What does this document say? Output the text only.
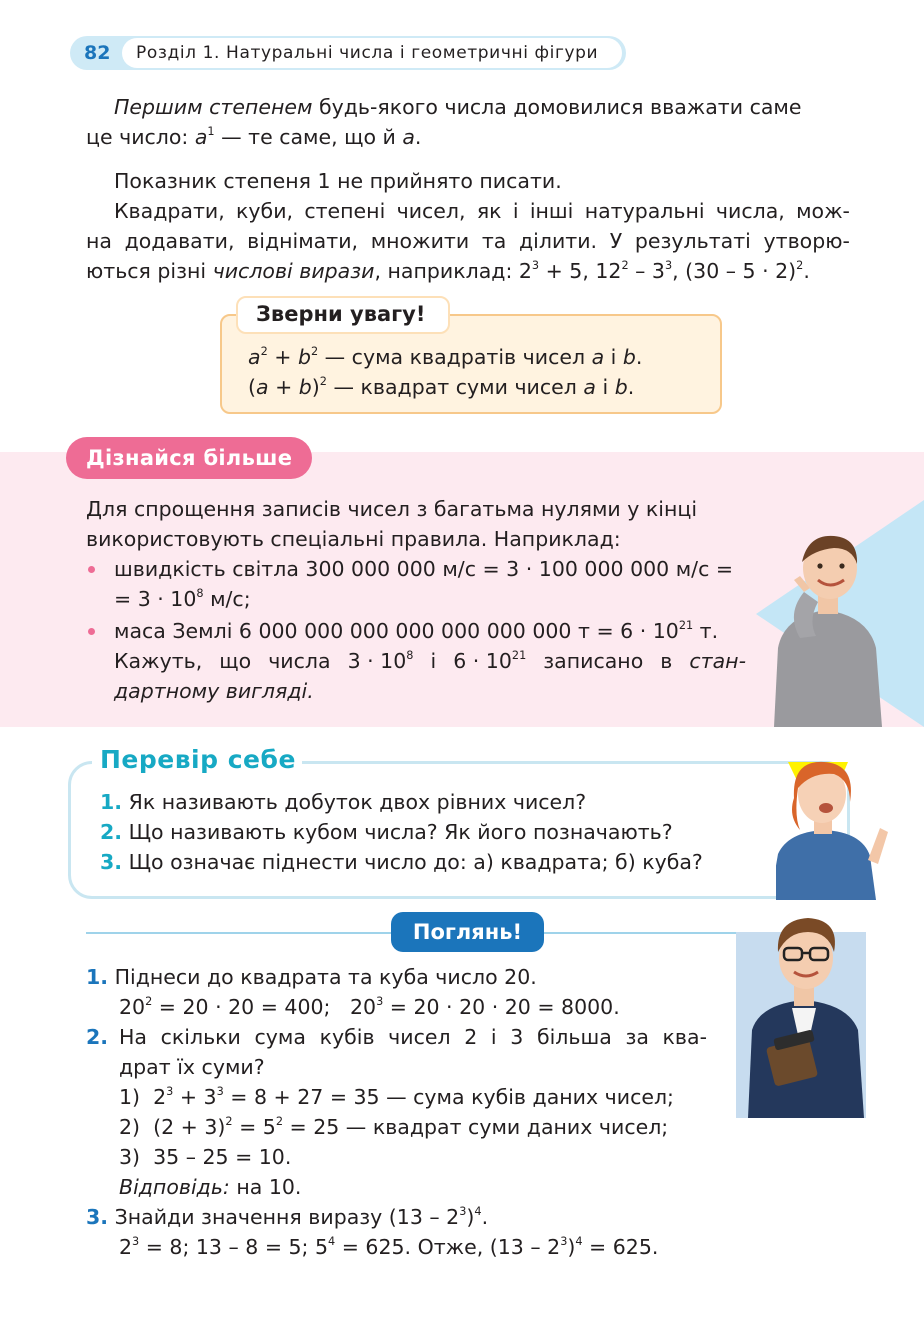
82 Розділ 1. Натуральні числа і геометричні фігури
Першим степенем будь-якого числа домовилися вважати саме
це число: $a^1$ — те саме, що й a.
Показник степеня 1 не прийнято писати.
Квадрати, куби, степені чисел, як і інші натуральні числа, мож-
на додавати, віднімати, множити та ділити. У результаті утворю-
ються різні числові вирази, наприклад: $2^3 + 5$, $12^2 - 3^3$, $(30 - 5 \cdot 2)^2$.
Зверни увагу!
$a^2 + b^2$ — сума квадратів чисел a і b.
$(a + b)^2$ — квадрат суми чисел a і b.
Дізнайся більше
Для спрощення записів чисел з багатьма нулями у кінці
використовують спеціальні правила. Наприклад:
швидкість світла 300 000 000 м/с = 3 · 100 000 000 м/с =
= $3 \cdot 10^8$ м/с;
маса Землі 6 000 000 000 000 000 000 000 $т = 6 \cdot 10^{21}$ т.
Кажуть, що числа $3 \cdot 10^8$ і $6 \cdot 10^{21}$ записано в стан-
дартному вигляді.
Перевір себе
1. Як називають добуток двох рівних чисел?
2. Що називають кубом числа? Як його позначають?
3. Що означає піднести число до: а) квадрата; б) куба?
Поглянь!
1. Піднеси до квадрата та куба число 20.
$20^2 = 20 \cdot 20 = 400$;   $20^3 = 20 \cdot 20 \cdot 20 = 8000$.
2. На скільки сума кубів чисел 2 і 3 більша за ква-
драт їх суми?
1) $2^3 + 3^3 = 8 + 27 = 35$ — сума кубів даних чисел;
2) $(2 + 3)^2 = 5^2 = 25$ — квадрат суми даних чисел;
3) 35 – 25 = 10.
Відповідь: на 10.
3. Знайди значення виразу $(13 - 2^3)^4$.
$2^3 = 8$; 13 – 8 = 5; $5^4 = 625$. Отже, $(13 - 2^3)^4 = 625$.
